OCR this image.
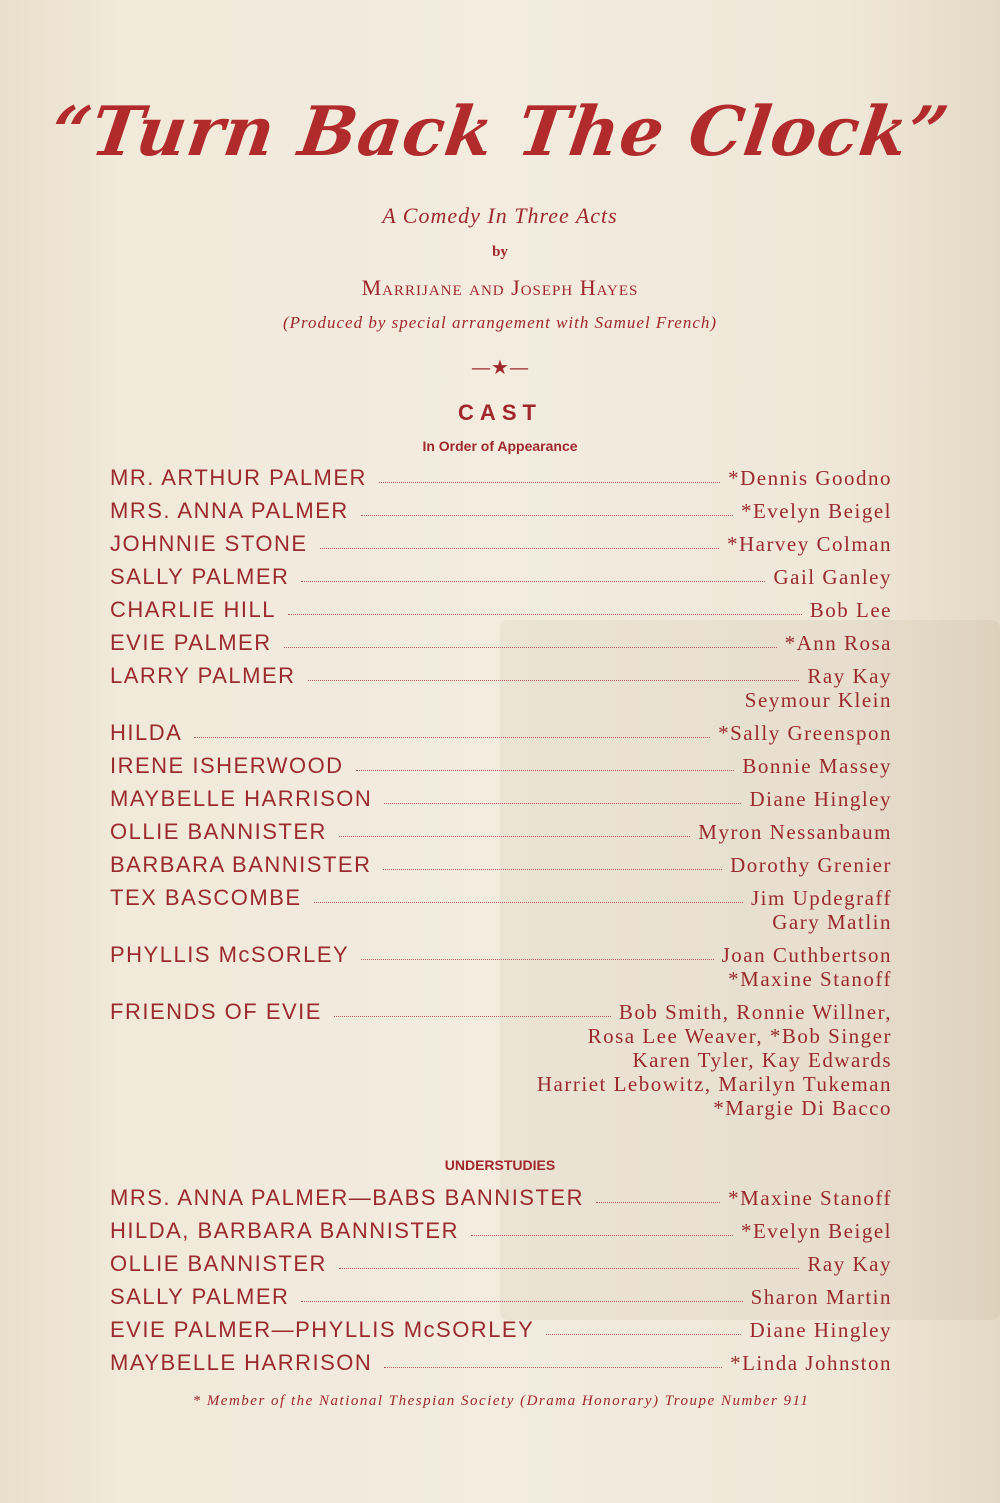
“Turn Back The Clock”
A Comedy In Three Acts
by
Marrijane and Joseph Hayes
(Produced by special arrangement with Samuel French)
—★—
CAST
In Order of Appearance
MR. ARTHUR PALMER	*Dennis Goodno
MRS. ANNA PALMER	*Evelyn Beigel
JOHNNIE STONE	*Harvey Colman
SALLY PALMER	Gail Ganley
CHARLIE HILL	Bob Lee
EVIE PALMER	*Ann Rosa
LARRY PALMER	Ray Kay
Seymour Klein
HILDA	*Sally Greenspon
IRENE ISHERWOOD	Bonnie Massey
MAYBELLE HARRISON	Diane Hingley
OLLIE BANNISTER	Myron Nessanbaum
BARBARA BANNISTER	Dorothy Grenier
TEX BASCOMBE	Jim Updegraff
Gary Matlin
PHYLLIS McSORLEY	Joan Cuthbertson
*Maxine Stanoff
FRIENDS OF EVIE	Bob Smith, Ronnie Willner,
Rosa Lee Weaver, *Bob Singer
Karen Tyler, Kay Edwards
Harriet Lebowitz, Marilyn Tukeman
*Margie Di Bacco
UNDERSTUDIES
MRS. ANNA PALMER—BABS BANNISTER	*Maxine Stanoff
HILDA, BARBARA BANNISTER	*Evelyn Beigel
OLLIE BANNISTER	Ray Kay
SALLY PALMER	Sharon Martin
EVIE PALMER—PHYLLIS McSORLEY	Diane Hingley
MAYBELLE HARRISON	*Linda Johnston
* Member of the National Thespian Society (Drama Honorary) Troupe Number 911
